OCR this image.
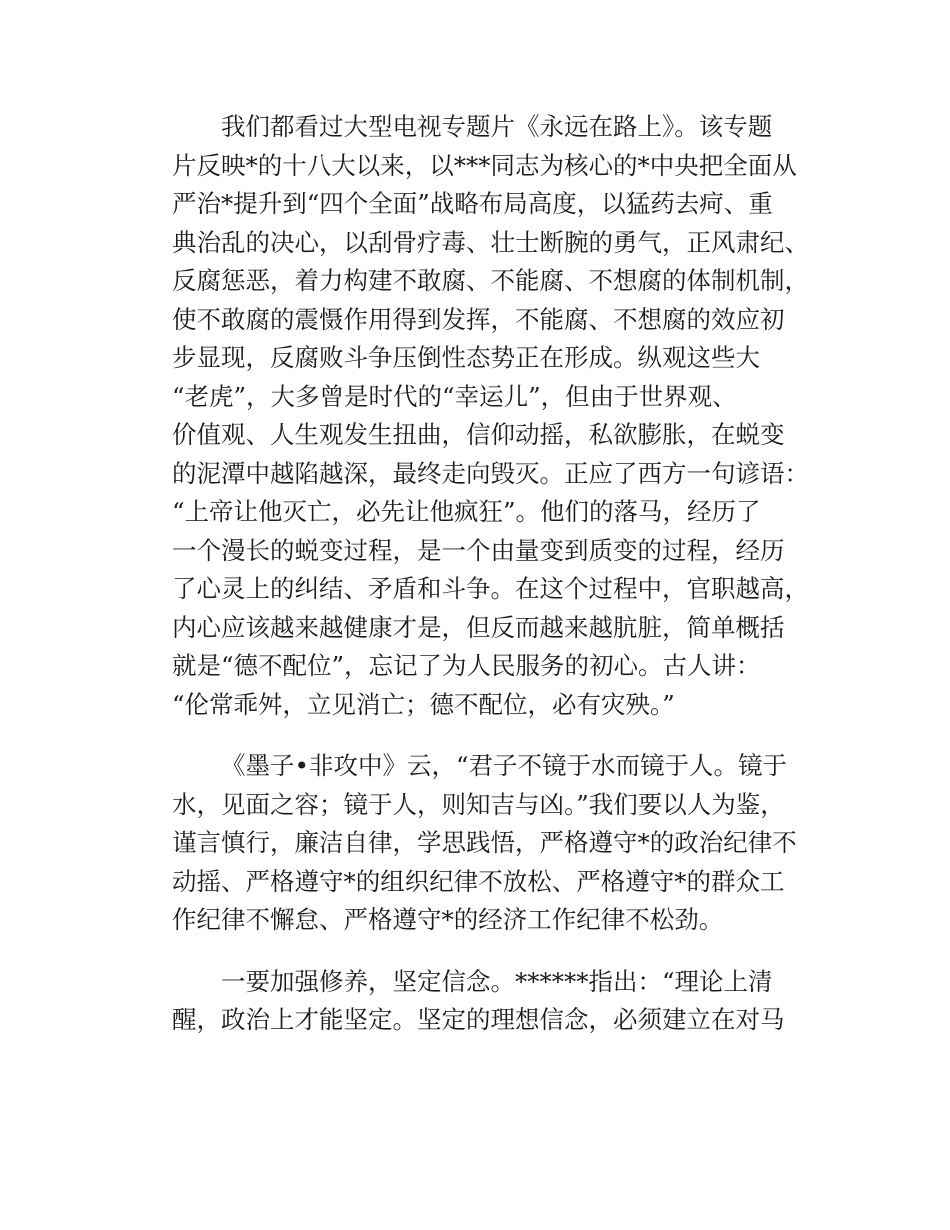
我们都看过大型电视专题片《永远在路上》。该专题
片反映*的十八大以来，以***同志为核心的*中央把全面从
严治*提升到“四个全面”战略布局高度，以猛药去疴、重
典治乱的决心，以刮骨疗毒、壮士断腕的勇气，正风肃纪、
反腐惩恶，着力构建不敢腐、不能腐、不想腐的体制机制，
使不敢腐的震慑作用得到发挥，不能腐、不想腐的效应初
步显现，反腐败斗争压倒性态势正在形成。纵观这些大
“老虎”，大多曾是时代的“幸运儿”，但由于世界观、
价值观、人生观发生扭曲，信仰动摇，私欲膨胀，在蜕变
的泥潭中越陷越深，最终走向毁灭。正应了西方一句谚语：
“上帝让他灭亡，必先让他疯狂”。他们的落马，经历了
一个漫长的蜕变过程，是一个由量变到质变的过程，经历
了心灵上的纠结、矛盾和斗争。在这个过程中，官职越高，
内心应该越来越健康才是，但反而越来越肮脏，简单概括
就是“德不配位”，忘记了为人民服务的初心。古人讲：
“伦常乖舛，立见消亡；德不配位，必有灾殃。”

《墨子•非攻中》云，“君子不镜于水而镜于人。镜于
水，见面之容；镜于人，则知吉与凶。”我们要以人为鉴，
谨言慎行，廉洁自律，学思践悟，严格遵守*的政治纪律不
动摇、严格遵守*的组织纪律不放松、严格遵守*的群众工
作纪律不懈怠、严格遵守*的经济工作纪律不松劲。

一要加强修养，坚定信念。******指出：“理论上清
醒，政治上才能坚定。坚定的理想信念，必须建立在对马
